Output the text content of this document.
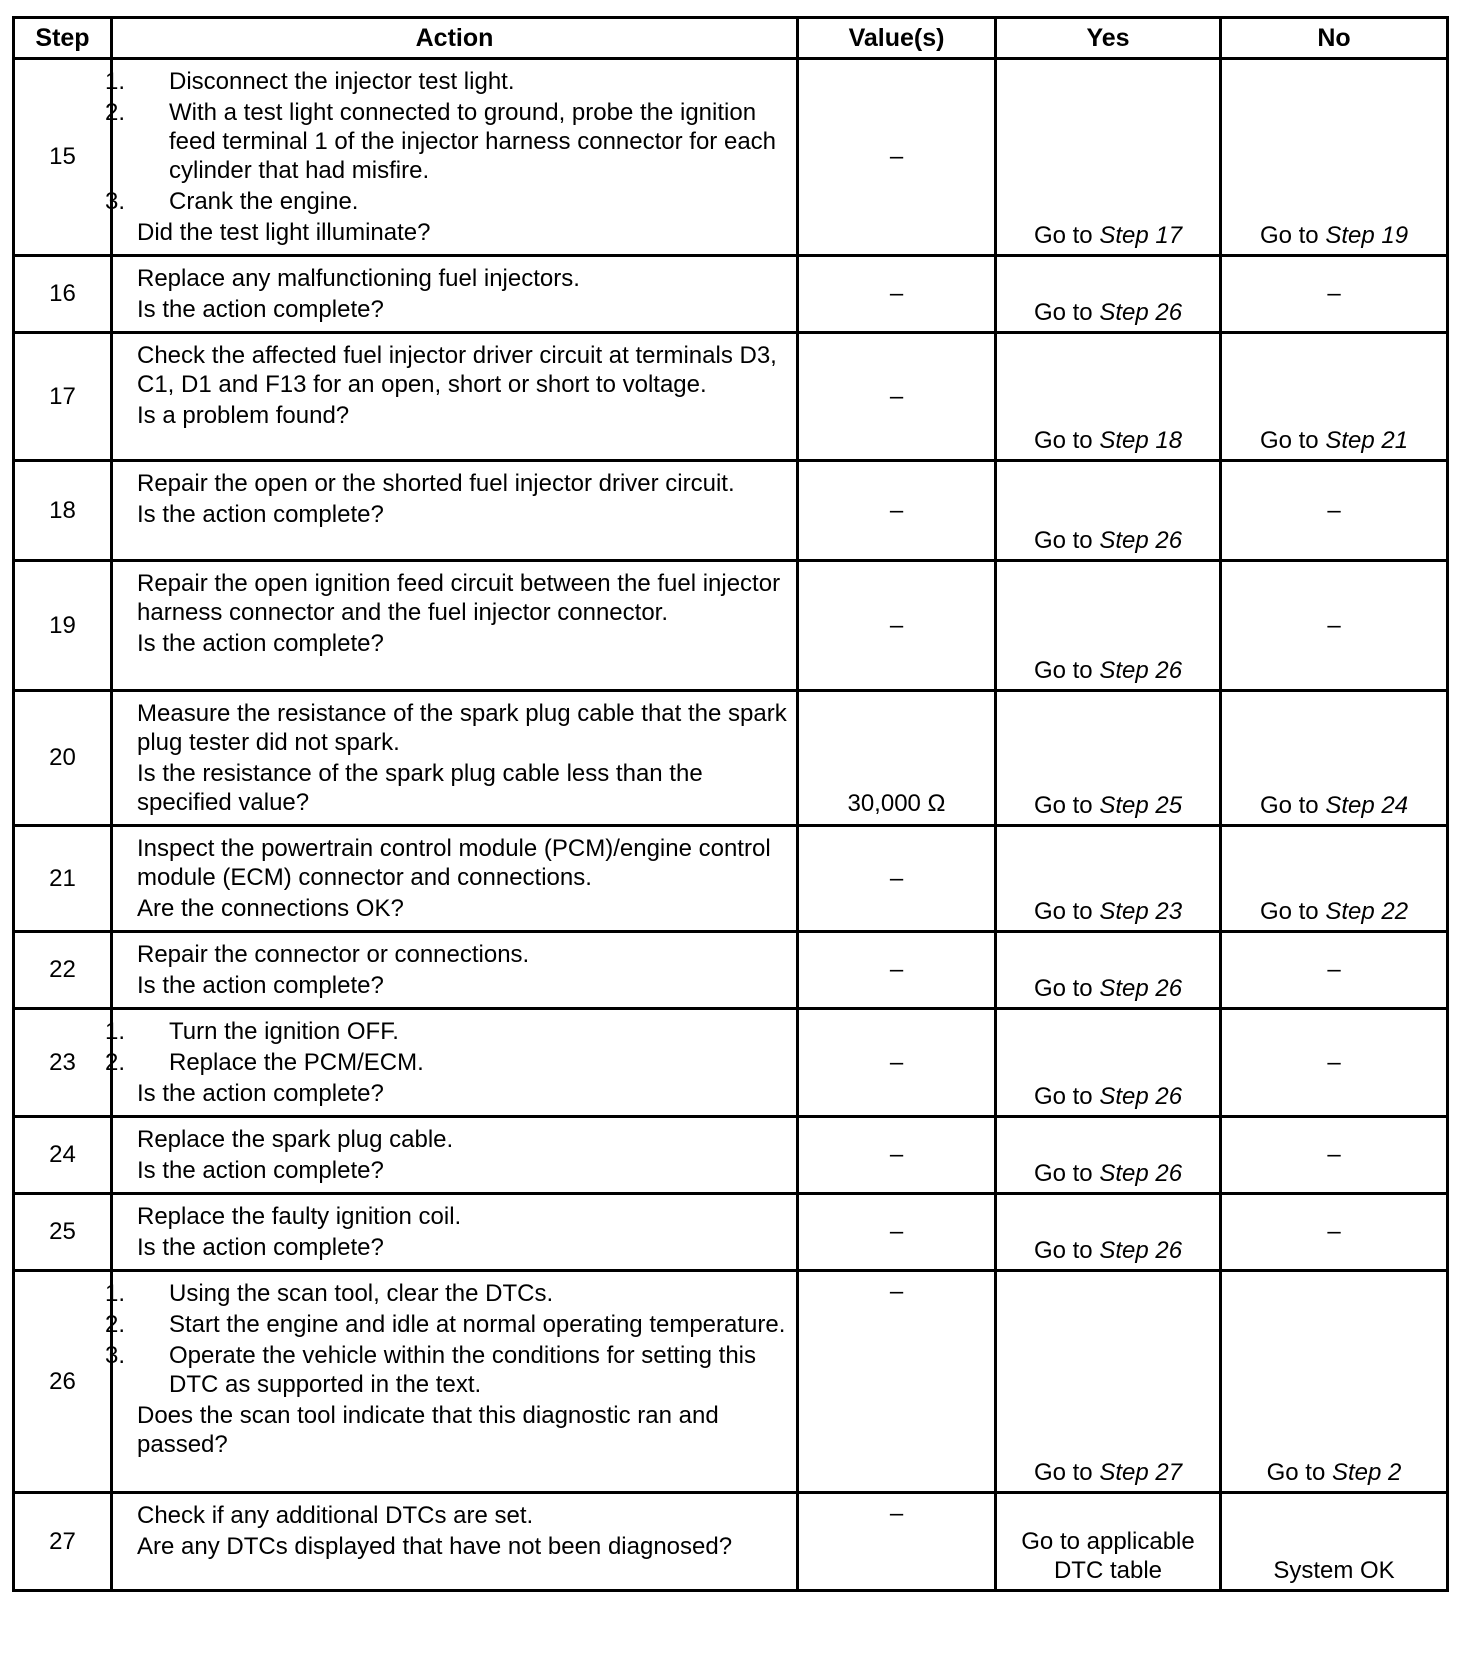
Step	Action	Value(s)	Yes	No
15	1. Disconnect the injector test light.
2. With a test light connected to ground, probe the ignition feed terminal 1 of the injector harness connector for each cylinder that had misfire.
3. Crank the engine.
Did the test light illuminate?	–	Go to Step 17	Go to Step 19
16	Replace any malfunctioning fuel injectors.
Is the action complete?	–	Go to Step 26	–
17	Check the affected fuel injector driver circuit at terminals D3, C1, D1 and F13 for an open, short or short to voltage.
Is a problem found?	–	Go to Step 18	Go to Step 21
18	Repair the open or the shorted fuel injector driver circuit.
Is the action complete?	–	Go to Step 26	–
19	Repair the open ignition feed circuit between the fuel injector harness connector and the fuel injector connector.
Is the action complete?	–	Go to Step 26	–
20	Measure the resistance of the spark plug cable that the spark plug tester did not spark.
Is the resistance of the spark plug cable less than the specified value?	30,000 Ω	Go to Step 25	Go to Step 24
21	Inspect the powertrain control module (PCM)/engine control module (ECM) connector and connections.
Are the connections OK?	–	Go to Step 23	Go to Step 22
22	Repair the connector or connections.
Is the action complete?	–	Go to Step 26	–
23	1. Turn the ignition OFF.
2. Replace the PCM/ECM.
Is the action complete?	–	Go to Step 26	–
24	Replace the spark plug cable.
Is the action complete?	–	Go to Step 26	–
25	Replace the faulty ignition coil.
Is the action complete?	–	Go to Step 26	–
26	1. Using the scan tool, clear the DTCs.
2. Start the engine and idle at normal operating temperature.
3. Operate the vehicle within the conditions for setting this DTC as supported in the text.
Does the scan tool indicate that this diagnostic ran and passed?	–	Go to Step 27	Go to Step 2
27	Check if any additional DTCs are set.
Are any DTCs displayed that have not been diagnosed?	–	Go to applicable DTC table	System OK
